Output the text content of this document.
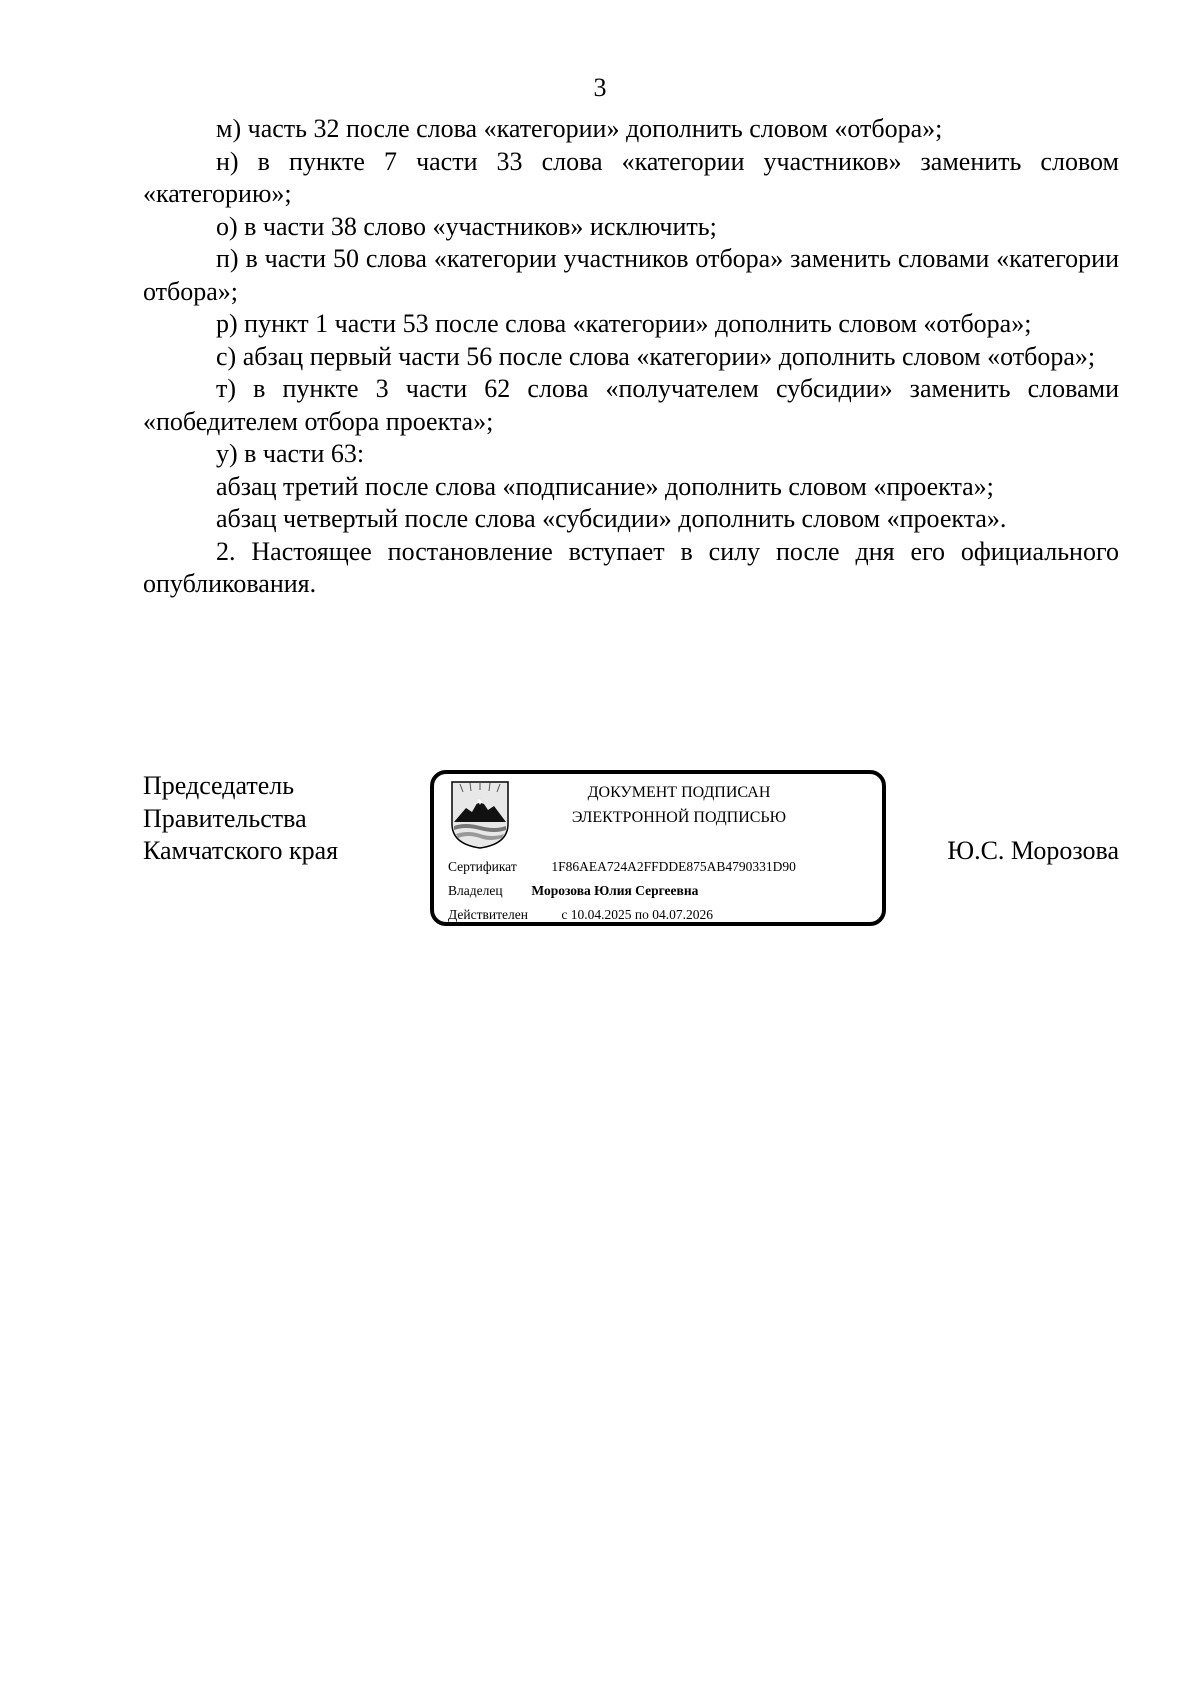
3

м) часть 32 после слова «категории» дополнить словом «отбора»;

н) в пункте 7 части 33 слова «категории участников» заменить словом «категорию»;

о) в части 38 слово «участников» исключить;

п) в части 50 слова «категории участников отбора» заменить словами «категории отбора»;

р) пункт 1 части 53 после слова «категории» дополнить словом «отбора»;

с) абзац первый части 56 после слова «категории» дополнить словом «отбора»;

т) в пункте 3 части 62 слова «получателем субсидии» заменить словами «победителем отбора проекта»;

у) в части 63:

абзац третий после слова «подписание» дополнить словом «проекта»;

абзац четвертый после слова «субсидии» дополнить словом «проекта».

2. Настоящее постановление вступает в силу после дня его официального опубликования.

Председатель
Правительства
Камчатского края
ДОКУМЕНТ ПОДПИСАН
ЭЛЕКТРОННОЙ ПОДПИСЬЮ
Сертификат	1F86AEA724A2FFDDE875AB4790331D90
Владелец Морозова Юлия Сергеевна
Действителен с 10.04.2025 по 04.07.2026
Ю.С. Морозова
